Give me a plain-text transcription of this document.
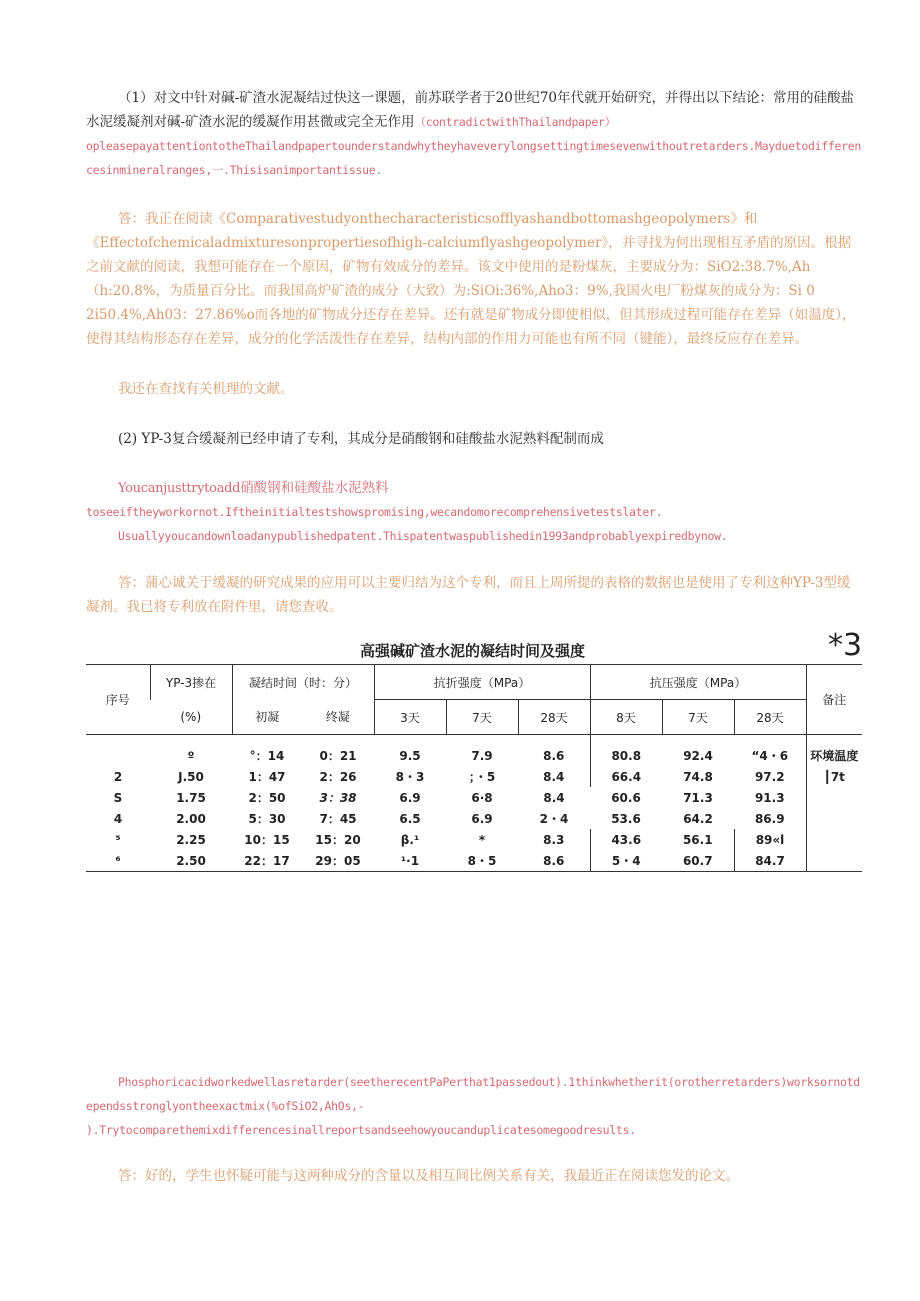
（1）对文中针对碱-矿渣水泥凝结过快这一课题，前苏联学者于20世纪70年代就开始研究，并得出以下结论：常用的硅酸盐水泥缓凝剂对碱-矿渣水泥的缓凝作用甚微或完全无作用（contradictwithThailandpaper）

opleasepayattentiontotheThailandpapertounderstandwhytheyhaveverylongsettingtimesevenwithoutretarders.Mayduetodifferencesinmineralranges,一.Thisisanimportantissue.

答：我正在阅读《Comparativestudyonthecharacteristicsofflyashandbottomashgeopolymers》和《Effectofchemicaladmixturesonpropertiesofhigh-calciumflyashgeopolymer》，并寻找为何出现相互矛盾的原因。根据之前文献的阅读，我想可能存在一个原因，矿物有效成分的差异。该文中使用的是粉煤灰，主要成分为：SiO2:38.7%,Ah（h:20.8%，为质量百分比。而我国高炉矿渣的成分（大致）为:SiOi:36%,Aho3：9%,我国火电厂粉煤灰的成分为：Si 0 2i50.4%,Ah03：27.86%o而各地的矿物成分还存在差异。还有就是矿物成分即使相似，但其形成过程可能存在差异（如温度），使得其结构形态存在差异，成分的化学活泼性存在差异，结构内部的作用力可能也有所不同（键能），最终反应存在差异。

我还在查找有关机理的文献。

(2) YP-3复合缓凝剂已经申请了专利，其成分是硝酸钢和硅酸盐水泥熟料配制而成

Youcanjusttrytoadd硝酸钢和硅酸盐水泥熟料

toseeiftheyworkornot.Iftheinitialtestshowspromising,wecandomorecomprehensivetestslater.

Usuallyyoucandownloadanypublishedpatent.Thispatentwaspublishedin1993andprobablyexpiredbynow.

答：蒲心诚关于缓凝的研究成果的应用可以主要归结为这个专利，而且上周所提的表格的数据也是使用了专利这种YP-3型缓凝剂。我已将专利放在附件里，请您查收。

高强碱矿渣水泥的凝结时间及强度	*3
序号	YP-3掺在	凝结时间（时：分）		抗折强度（MPa）			抗压强度（MPa）			备注
	(%)	初凝	终凝	3天	7天	28天	8天	7天	28天	
	º	°：14	0：21	9.5	7.9	8.6	80.8	92.4	“4・6	环境温度
2	J.50	1：47	2：26	8・3	；・5	8.4	66.4	74.8	97.2	┃7t
S	1.75	2：50	3：38	6.9	6·8	8.4	60.6	71.3	91.3	
4	2.00	5：30	7：45	6.5	6.9	2・4	53.6	64.2	86.9	
⁵	2.25	10：15	15：20	β.¹	*	8.3	43.6	56.1	89«l	
⁶	2.50	22：17	29：05	¹·1	8・5	8.6	5・4	60.7	84.7	

Phosphoricacidworkedwellasretarder(seetherecentPaPerthat1passedout).1thinkwhetherit(orotherretarders)worksornotdependsstronglyontheexactmix(%ofSiO2,AhOs,-

).Trytocomparethemixdifferencesinallreportsandseehowyoucanduplicatesomegoodresults.

答：好的，学生也怀疑可能与这两种成分的含量以及相互间比例关系有关，我最近正在阅读您发的论文。
